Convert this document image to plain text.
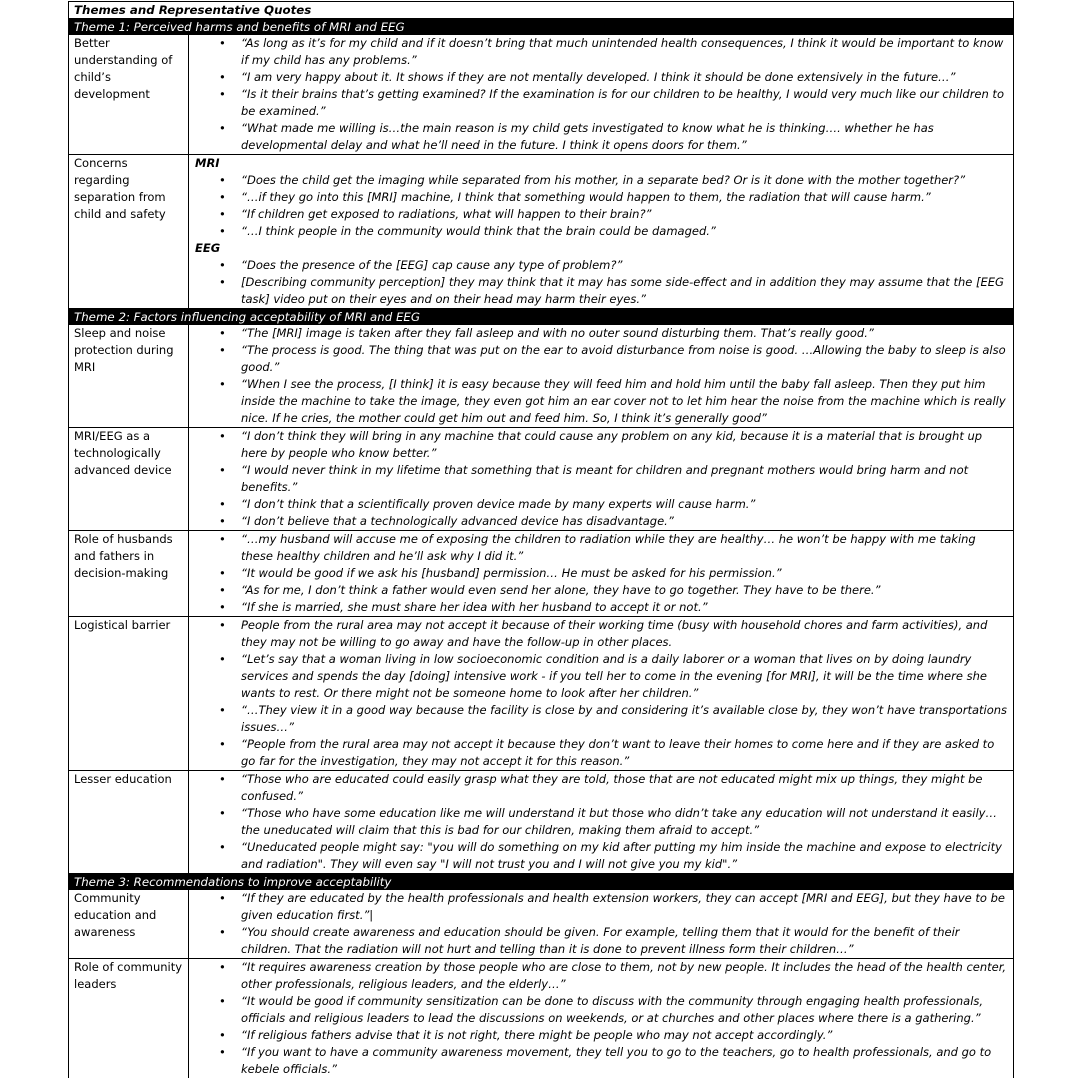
Themes and Representative Quotes
Theme 1: Perceived harms and benefits of MRI and EEG
Better understanding of child’s development
• “As long as it’s for my child and if it doesn’t bring that much unintended health consequences, I think it would be important to know if my child has any problems.”
• “I am very happy about it. It shows if they are not mentally developed. I think it should be done extensively in the future…”
• “Is it their brains that’s getting examined? If the examination is for our children to be healthy, I would very much like our children to be examined.”
• “What made me willing is…the main reason is my child gets investigated to know what he is thinking…. whether he has developmental delay and what he’ll need in the future. I think it opens doors for them.”
Concerns regarding separation from child and safety
MRI
• “Does the child get the imaging while separated from his mother, in a separate bed? Or is it done with the mother together?”
• “…if they go into this [MRI] machine, I think that something would happen to them, the radiation that will cause harm.”
• “If children get exposed to radiations, what will happen to their brain?”
• “…I think people in the community would think that the brain could be damaged.”
EEG
• “Does the presence of the [EEG] cap cause any type of problem?”
• [Describing community perception] they may think that it may has some side-effect and in addition they may assume that the [EEG task] video put on their eyes and on their head may harm their eyes.”
Theme 2: Factors influencing acceptability of MRI and EEG
Sleep and noise protection during MRI
• “The [MRI] image is taken after they fall asleep and with no outer sound disturbing them. That’s really good.”
• “The process is good. The thing that was put on the ear to avoid disturbance from noise is good. …Allowing the baby to sleep is also good.”
• “When I see the process, [I think] it is easy because they will feed him and hold him until the baby fall asleep. Then they put him inside the machine to take the image, they even got him an ear cover not to let him hear the noise from the machine which is really nice. If he cries, the mother could get him out and feed him. So, I think it’s generally good”
MRI/EEG as a technologically advanced device
• “I don’t think they will bring in any machine that could cause any problem on any kid, because it is a material that is brought up here by people who know better.”
• “I would never think in my lifetime that something that is meant for children and pregnant mothers would bring harm and not benefits.”
• “I don’t think that a scientifically proven device made by many experts will cause harm.”
• “I don’t believe that a technologically advanced device has disadvantage.”
Role of husbands and fathers in decision-making
• “…my husband will accuse me of exposing the children to radiation while they are healthy… he won’t be happy with me taking these healthy children and he’ll ask why I did it.”
• “It would be good if we ask his [husband] permission… He must be asked for his permission.”
• “As for me, I don’t think a father would even send her alone, they have to go together. They have to be there.”
• “If she is married, she must share her idea with her husband to accept it or not.”
Logistical barrier	• People from the rural area may not accept it because of their working time (busy with household chores and farm activities), and they may not be willing to go away and have the follow-up in other places.
• “Let’s say that a woman living in low socioeconomic condition and is a daily laborer or a woman that lives on by doing laundry services and spends the day [doing] intensive work - if you tell her to come in the evening [for MRI], it will be the time where she wants to rest. Or there might not be someone home to look after her children.”
• “…They view it in a good way because the facility is close by and considering it’s available close by, they won’t have transportations issues…”
• “People from the rural area may not accept it because they don’t want to leave their homes to come here and if they are asked to go far for the investigation, they may not accept it for this reason.”
Lesser education	• “Those who are educated could easily grasp what they are told, those that are not educated might mix up things, they might be confused.”
• “Those who have some education like me will understand it but those who didn’t take any education will not understand it easily…the uneducated will claim that this is bad for our children, making them afraid to accept.”
• “Uneducated people might say: "you will do something on my kid after putting my him inside the machine and expose to electricity and radiation". They will even say "I will not trust you and I will not give you my kid".”
Theme 3: Recommendations to improve acceptability
Community education and awareness
• “If they are educated by the health professionals and health extension workers, they can accept [MRI and EEG], but they have to be given education first.”|
• “You should create awareness and education should be given. For example, telling them that it would for the benefit of their children. That the radiation will not hurt and telling than it is done to prevent illness form their children…”
Role of community leaders
• “It requires awareness creation by those people who are close to them, not by new people. It includes the head of the health center, other professionals, religious leaders, and the elderly…”
• “It would be good if community sensitization can be done to discuss with the community through engaging health professionals, officials and religious leaders to lead the discussions on weekends, or at churches and other places where there is a gathering.”
• “If religious fathers advise that it is not right, there might be people who may not accept accordingly.”
• “If you want to have a community awareness movement, they tell you to go to the teachers, go to health professionals, and go to kebele officials.”
